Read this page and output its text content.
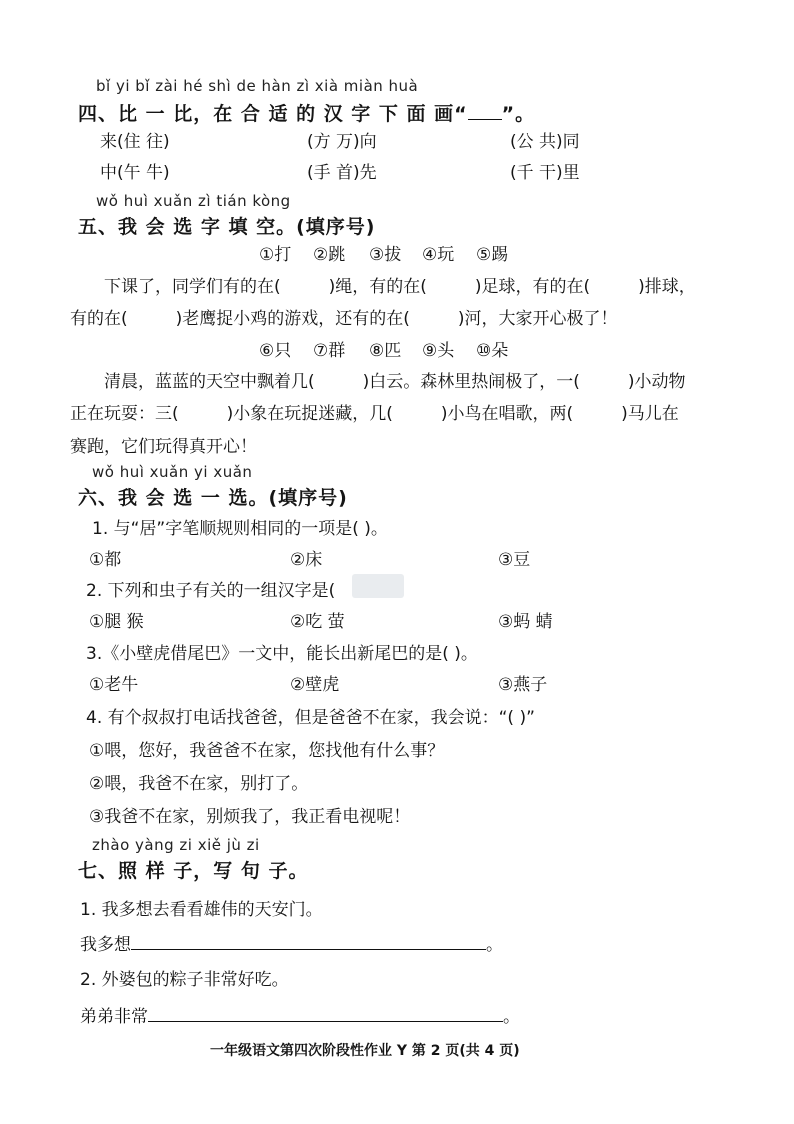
bǐ yi bǐ zài hé shì de hàn zì xià miàn huà
四、比 一 比，在 合 适 的 汉 字 下 面 画“ ”。
来(住 往)	(方 万)向	(公 共)同
中(午 牛)	(手 首)先	(千 干)里
wǒ huì xuǎn zì tián kòng
五、我 会 选 字 填 空。(填序号)
①打 ②跳 ③拔 ④玩 ⑤踢
下课了，同学们有的在(	)绳，有的在(	)足球，有的在(	)排球，
有的在(	)老鹰捉小鸡的游戏，还有的在(	)河，大家开心极了！
⑥只 ⑦群 ⑧匹 ⑨头 ⑩朵
清晨，蓝蓝的天空中飘着几(	)白云。森林里热闹极了，一(	)小动物
正在玩耍：三(	)小象在玩捉迷藏，几(	)小鸟在唱歌，两(	)马儿在
赛跑，它们玩得真开心！
wǒ huì xuǎn yi xuǎn
六、我 会 选 一 选。(填序号)
1. 与“居”字笔顺规则相同的一项是( )。
①都	②床	③豆
2. 下列和虫子有关的一组汉字是(
①腿 猴	②吃 萤	③蚂 蜻
3.《小壁虎借尾巴》一文中，能长出新尾巴的是( )。
①老牛	②壁虎	③燕子
4. 有个叔叔打电话找爸爸，但是爸爸不在家，我会说：“( )”
①喂，您好，我爸爸不在家，您找他有什么事？
②喂，我爸不在家，别打了。
③我爸不在家，别烦我了，我正看电视呢！
zhào yàng zi xiě jù zi
七、照 样 子，写 句 子。
1. 我多想去看看雄伟的天安门。
我多想	。
2. 外婆包的粽子非常好吃。
弟弟非常	。
一年级语文第四次阶段性作业 Y 第 2 页(共 4 页)
